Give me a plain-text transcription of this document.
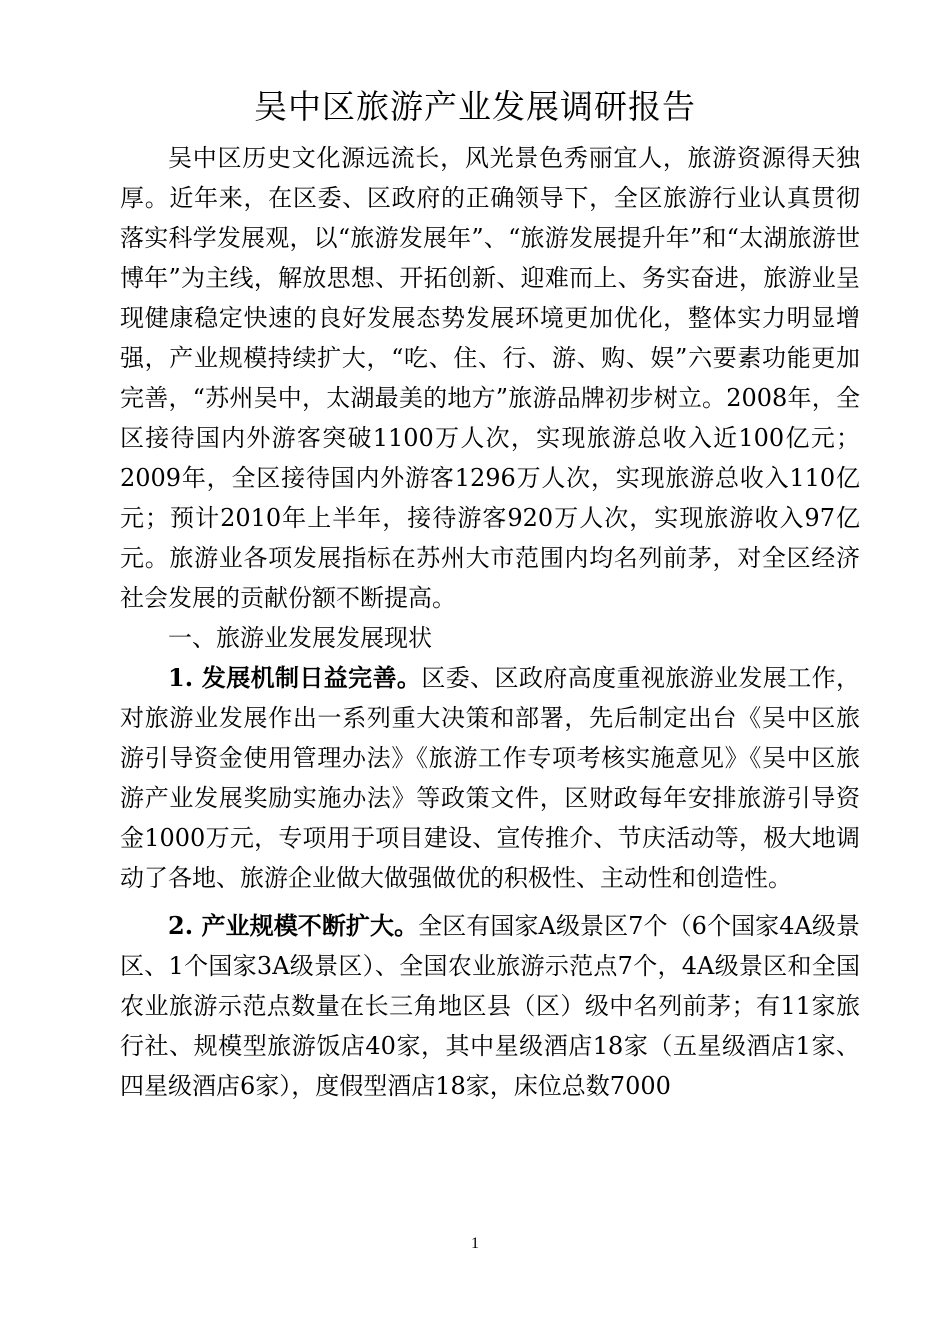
吴中区旅游产业发展调研报告

吴中区历史文化源远流长，风光景色秀丽宜人，旅游资源得天独厚。近年来，在区委、区政府的正确领导下，全区旅游行业认真贯彻落实科学发展观，以“旅游发展年”、“旅游发展提升年”和“太湖旅游世博年”为主线，解放思想、开拓创新、迎难而上、务实奋进，旅游业呈现健康稳定快速的良好发展态势发展环境更加优化，整体实力明显增强，产业规模持续扩大，“吃、住、行、游、购、娱”六要素功能更加完善，“苏州吴中，太湖最美的地方”旅游品牌初步树立。2008年，全区接待国内外游客突破1100万人次，实现旅游总收入近100亿元；2009年，全区接待国内外游客1296万人次，实现旅游总收入110亿元；预计2010年上半年，接待游客920万人次，实现旅游收入97亿元。旅游业各项发展指标在苏州大市范围内均名列前茅，对全区经济社会发展的贡献份额不断提高。

一、旅游业发展发展现状

1. 发展机制日益完善。区委、区政府高度重视旅游业发展工作，对旅游业发展作出一系列重大决策和部署，先后制定出台《吴中区旅游引导资金使用管理办法》《旅游工作专项考核实施意见》《吴中区旅游产业发展奖励实施办法》等政策文件，区财政每年安排旅游引导资金1000万元，专项用于项目建设、宣传推介、节庆活动等，极大地调动了各地、旅游企业做大做强做优的积极性、主动性和创造性。

2. 产业规模不断扩大。全区有国家A级景区7个（6个国家4A级景区、1个国家3A级景区）、全国农业旅游示范点7个，4A级景区和全国农业旅游示范点数量在长三角地区县（区）级中名列前茅；有11家旅行社、规模型旅游饭店40家，其中星级酒店18家（五星级酒店1家、四星级酒店6家），度假型酒店18家，床位总数7000

1
